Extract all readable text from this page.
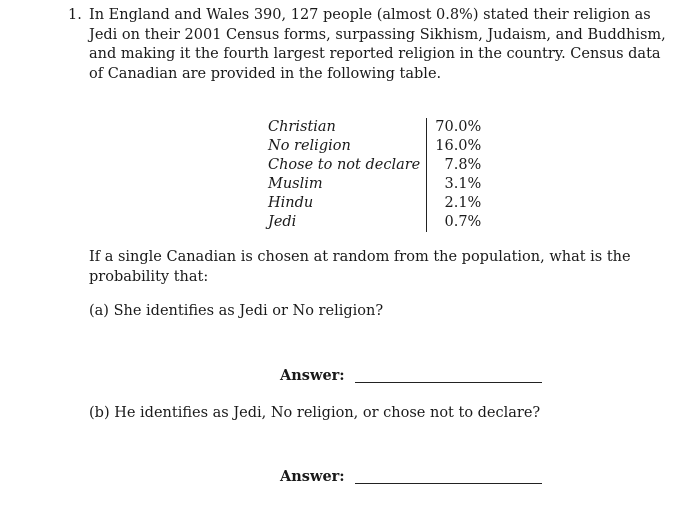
1. In England and Wales 390, 127 people (almost 0.8%) stated their religion as Jedi on their 2001 Census forms, surpassing Sikhism, Judaism, and Buddhism, and making it the fourth largest reported religion in the country. Census data of Canadian are provided in the following table.
Christian	70.0%
No religion	16.0%
Chose to not declare	7.8%
Muslim	3.1%
Hindu	2.1%
Jedi	0.7%
If a single Canadian is chosen at random from the population, what is the probability that:
(a) She identifies as Jedi or No religion?
Answer:
(b) He identifies as Jedi, No religion, or chose not to declare?
Answer:
